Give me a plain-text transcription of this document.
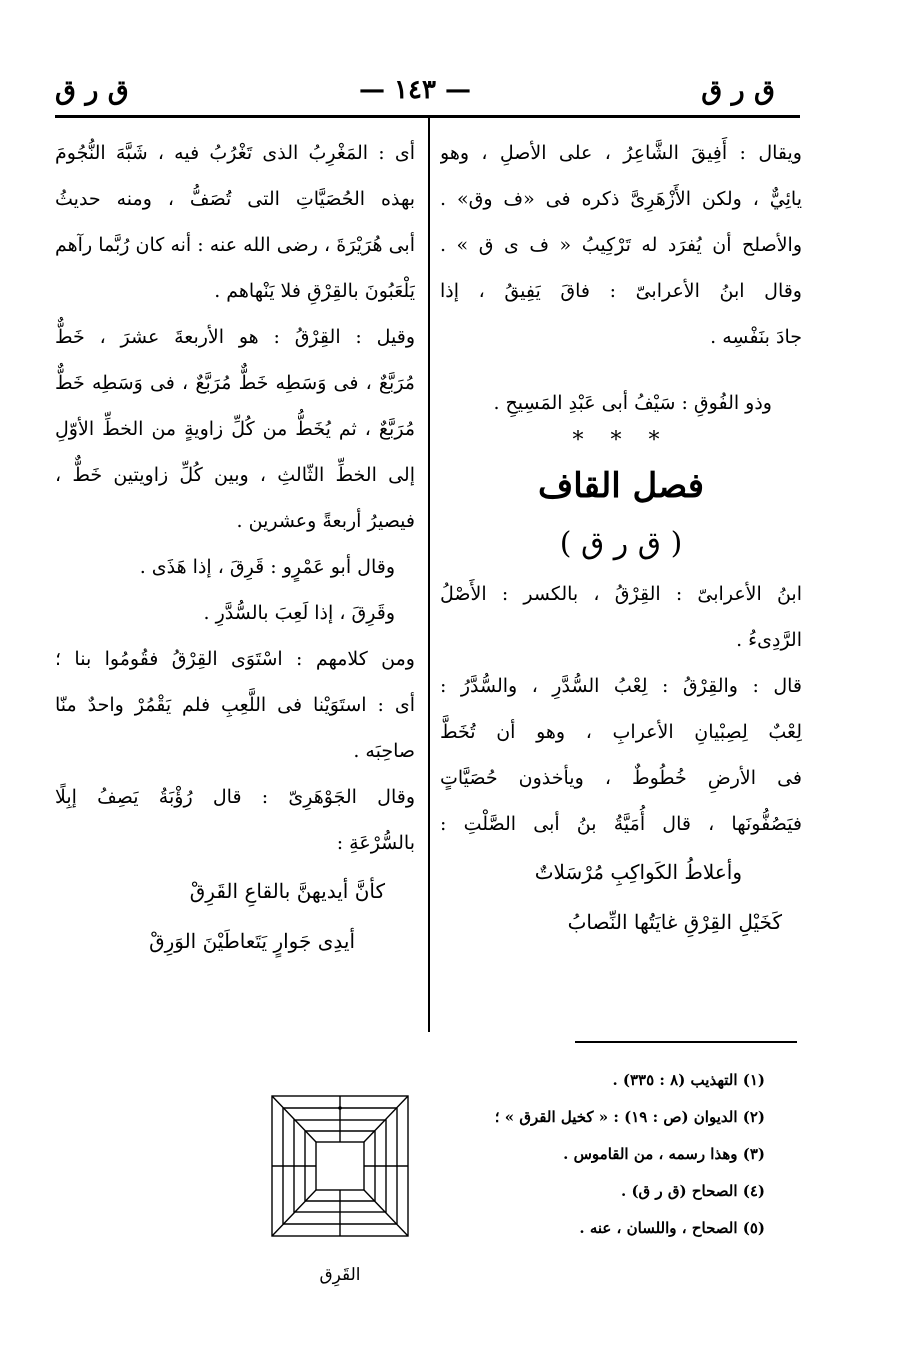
ق ر ق
— ١٤٣ —
ق ر ق
ويقال : أَفِيقَ الشَّاعِرُ ، على الأصلِ ، وهو
يائِيٌّ ، ولكن الأَزْهَرِىَّ ذكره فى «ف وق» .
والأصلح أن يُفرَد له تَرْكِيبُ « ف ى ق » .
وقال ابنُ الأعرابىّ : فاقَ يَفِيقُ ، إذا
جادَ بنَفْسِه .
وذو الفُوقِ : سَيْفُ أبى عَبْدِ المَسِيحِ .
* * *
فصل القاف
( ق ر ق )
ابنُ الأعرابىّ : القِرْقُ ، بالكسر : الأَصْلُ
الرَّدِىءُ .
قال : والقِرْقُ : لِعْبُ السُّدَّرِ ، والسُّدَّرُ :
لِعْبٌ لِصِبْيانِ الأعرابِ ، وهو أن تُخَطَّ
فى الأرضِ خُطُوطٌ ، ويأخذون حُصَيَّاتٍ
فيَصُفُّونَها ، قال أُمَيَّةُ بنُ أبى الصَّلْتِ :
وأعلاطُ الكَواكِبِ مُرْسَلاتٌ
كَخَيْلِ القِرْقِ غايَتُها النِّصابُ
أى : المَغْرِبُ الذى تَغْرُبُ فيه ، شَبَّهَ النُّجُومَ
بهذه الحُصَيَّاتِ التى تُصَفُّ ، ومنه حديثُ
أبى هُرَيْرَةَ ، رضى الله عنه : أنه كان رُبَّما رآهم
يَلْعَبُونَ بالقِرْقِ فلا يَنْهاهم .
وقيل : القِرْقُ : هو الأربعةَ عشرَ ، خَطٌّ
مُرَبَّعٌ ، فى وَسَطِه خَطٌّ مُرَبَّعٌ ، فى وَسَطِه خَطٌّ
مُرَبَّعٌ ، ثم يُخَطُّ من كُلِّ زاويةٍ من الخطِّ الأوّلِ
إلى الخطِّ الثّالثِ ، وبين كُلِّ زاويتين خَطٌّ ،
فيصيرُ أربعةً وعشرين .
وقال أبو عَمْرٍو : قَرِقَ ، إذا هَذَى .
وقَرِقَ ، إذا لَعِبَ بالسُّدَّرِ .
ومن كلامهم : اسْتَوَى القِرْقُ فقُومُوا بنا ؛
أى : استَوَيْنا فى اللَّعِبِ فلم يَقْمُرْ واحدٌ منّا
صاحِبَه .
وقال الجَوْهَرِىّ : قال رُؤْبَةُ يَصِفُ إبِلًا
بالسُّرْعَةِ :
كأنَّ أيديهنَّ بالقاعِ القَرِقْ
أيدِى جَوارٍ يَتَعاطَيْنَ الوَرِقْ
(١) التهذيب (٨ : ٣٣٥) .
(٢) الديوان (ص : ١٩) : « كخيل القرق » ؛
(٣) وهذا رسمه ، من القاموس .
(٤) الصحاح (ق ر ق) .
(٥) الصحاح ، واللسان ، عنه .
القَرِق
